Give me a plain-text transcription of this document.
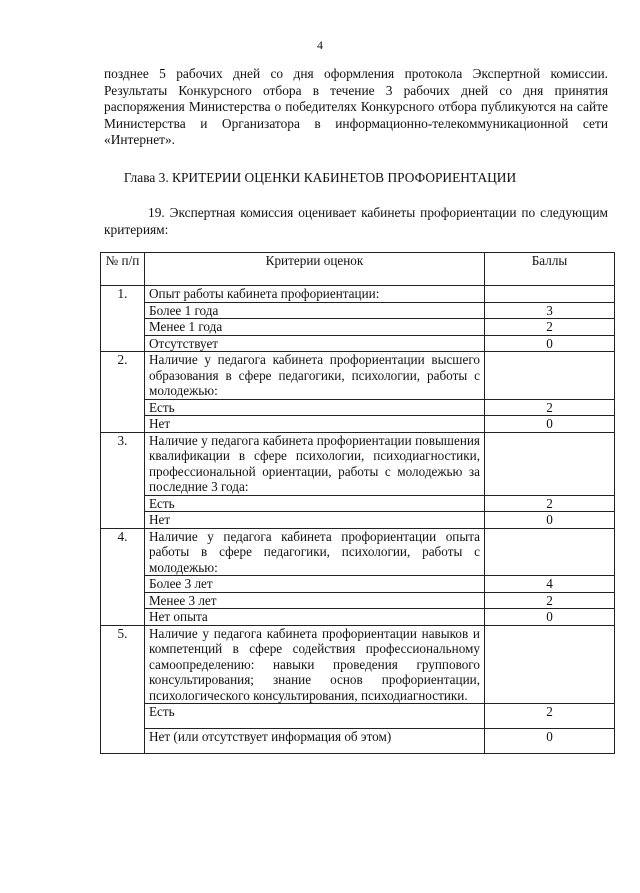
4
позднее 5 рабочих дней со дня оформления протокола Экспертной комиссии. Результаты Конкурсного отбора в течение 3 рабочих дней со дня принятия распоряжения Министерства о победителях Конкурсного отбора публикуются на сайте Министерства и Организатора в информационно-телекоммуникационной сети «Интернет».
Глава 3. КРИТЕРИИ ОЦЕНКИ КАБИНЕТОВ ПРОФОРИЕНТАЦИИ
19. Экспертная комиссия оценивает кабинеты профориентации по следующим критериям:
№ п/п	Критерии оценок	Баллы
1.	Опыт работы кабинета профориентации:	
	Более 1 года	3
	Менее 1 года	2
	Отсутствует	0
2.	Наличие у педагога кабинета профориентации высшего образования в сфере педагогики, психологии, работы с молодежью:	
	Есть	2
	Нет	0
3.	Наличие у педагога кабинета профориентации повышения квалификации в сфере психологии, психодиагностики, профессиональной ориентации, работы с молодежью за последние 3 года:	
	Есть	2
	Нет	0
4.	Наличие у педагога кабинета профориентации опыта работы в сфере педагогики, психологии, работы с молодежью:	
	Более 3 лет	4
	Менее 3 лет	2
	Нет опыта	0
5.	Наличие у педагога кабинета профориентации навыков и компетенций в сфере содействия профессиональному самоопределению: навыки проведения группового консультирования; знание основ профориентации, психологического консультирования, психодиагностики.	
	Есть	2
	Нет (или отсутствует информация об этом)	0
